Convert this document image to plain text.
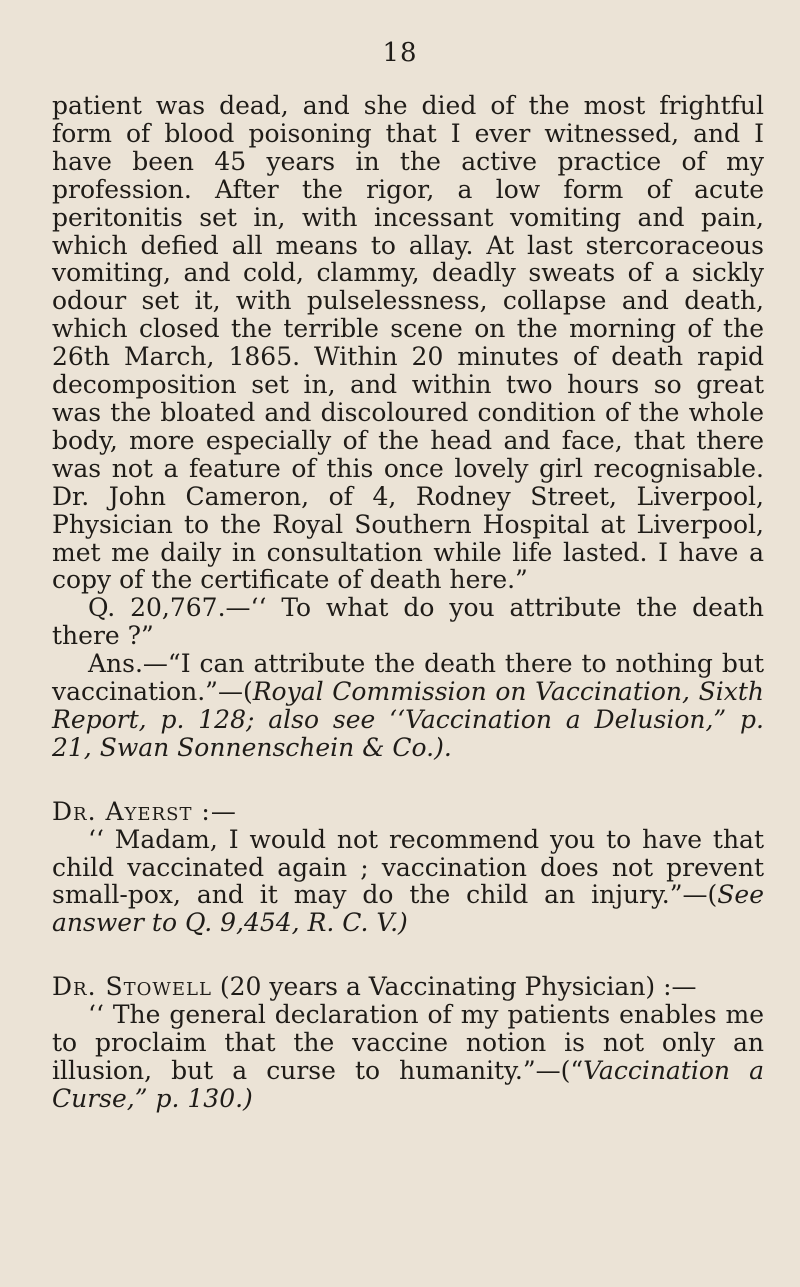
18

patient was dead, and she died of the most frightful form of blood poisoning that I ever witnessed, and I have been 45 years in the active practice of my profession. After the rigor, a low form of acute peritonitis set in, with incessant vomiting and pain, which defied all means to allay. At last stercoraceous vomiting, and cold, clammy, deadly sweats of a sickly odour set it, with pulselessness, collapse and death, which closed the terrible scene on the morning of the 26th March, 1865. Within 20 minutes of death rapid decomposition set in, and within two hours so great was the bloated and discoloured condition of the whole body, more especially of the head and face, that there was not a feature of this once lovely girl recognisable. Dr. John Cameron, of 4, Rodney Street, Liverpool, Physician to the Royal Southern Hospital at Liverpool, met me daily in consultation while life lasted. I have a copy of the certificate of death here.”

Q. 20,767.—‘‘ To what do you attribute the death there ?”

Ans.—“I can attribute the death there to nothing but vaccination.”—(Royal Commission on Vaccination, Sixth Report, p. 128; also see ‘‘Vaccination a Delusion,” p. 21, Swan Sonnenschein & Co.).

Dr. Ayerst :—

‘‘ Madam, I would not recommend you to have that child vaccinated again ; vaccination does not prevent small-pox, and it may do the child an injury.”—(See answer to Q. 9,454, R. C. V.)

Dr. Stowell (20 years a Vaccinating Physician) :—

‘‘ The general declaration of my patients enables me to proclaim that the vaccine notion is not only an illusion, but a curse to humanity.”—(“Vaccination a Curse,” p. 130.)
